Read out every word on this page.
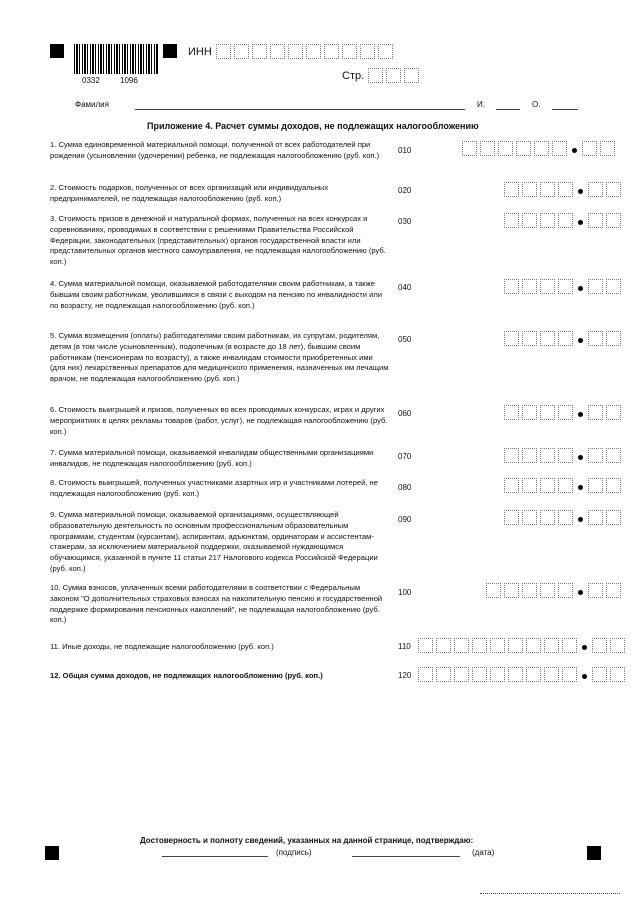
0332	1096
ИНН
Стр.
Фамилия	И.	О.
Приложение 4. Расчет суммы доходов, не подлежащих налогообложению
1. Сумма единовременной материальной помощи, полученной от всех работодателей при рождении (усыновлении (удочерении) ребенка, не подлежащая налогообложению (руб. коп.)
010
2. Стоимость подарков, полученных от всех организаций или индивидуальных предпринимателей, не подлежащая налогообложению (руб. коп.)
020
3. Стоимость призов в денежной и натуральной формах, полученных на всех конкурсах и соревнованиях, проводимых в соответствии с решениями Правительства Российской Федерации, законодательных (представительных) органов государственной власти или представительных органов местного самоуправления, не подлежащая налогообложению (руб. коп.)
030
4. Сумма материальной помощи, оказываемой работодателями своим работникам, а также бывшим своим работникам, уволившимся в связи с выходом на пенсию по инвалидности или по возрасту, не подлежащая налогообложению (руб. коп.)
040
5. Сумма возмещения (оплаты) работодателями своим работникам, их супругам, родителям, детям (в том числе усыновленным), подопечным (в возрасте до 18 лет), бывшим своим работникам (пенсионерам по возрасту), а также инвалидам стоимости приобретенных ими (для них) лекарственных препаратов для медицинского применения, назначенных им лечащим врачом, не подлежащая налогообложению (руб. коп.)
050
6. Стоимость выигрышей и призов, полученных во всех проводимых конкурсах, играх и других мероприятиях в целях рекламы товаров (работ, услуг), не подлежащая налогообложению (руб. коп.)
060
7. Сумма материальной помощи, оказываемой инвалидам общественными организациями инвалидов, не подлежащая налогообложению (руб. коп.)
070
8. Стоимость выигрышей, полученных участниками азартных игр и участниками лотерей, не подлежащая налогообложению (руб. коп.)
080
9. Сумма материальной помощи, оказываемой организациями, осуществляющей образовательную деятельность по основным профессиональным образовательным программам, студентам (курсантам), аспирантам, адъюнктам, ординаторам и ассистентам-стажерам, за исключением материальной поддержки, оказываемой нуждающимся обучающимся, указанной в пункте 11 статьи 217 Налогового кодекса Российской Федерации (руб. коп.)
090
10. Сумма взносов, уплаченных всеми работодателями в соответствии с Федеральным законом "О дополнительных страховых взносах на накопительную пенсию и государственной поддержке формирования пенсионных накоплений", не подлежащая налогообложению (руб. коп.)
100
11. Иные доходы, не подлежащие налогообложению (руб. коп.)	110
12. Общая сумма доходов, не подлежащих налогообложению (руб. коп.)	120
Достоверность и полноту сведений, указанных на данной странице, подтверждаю:
(подпись)	(дата)
